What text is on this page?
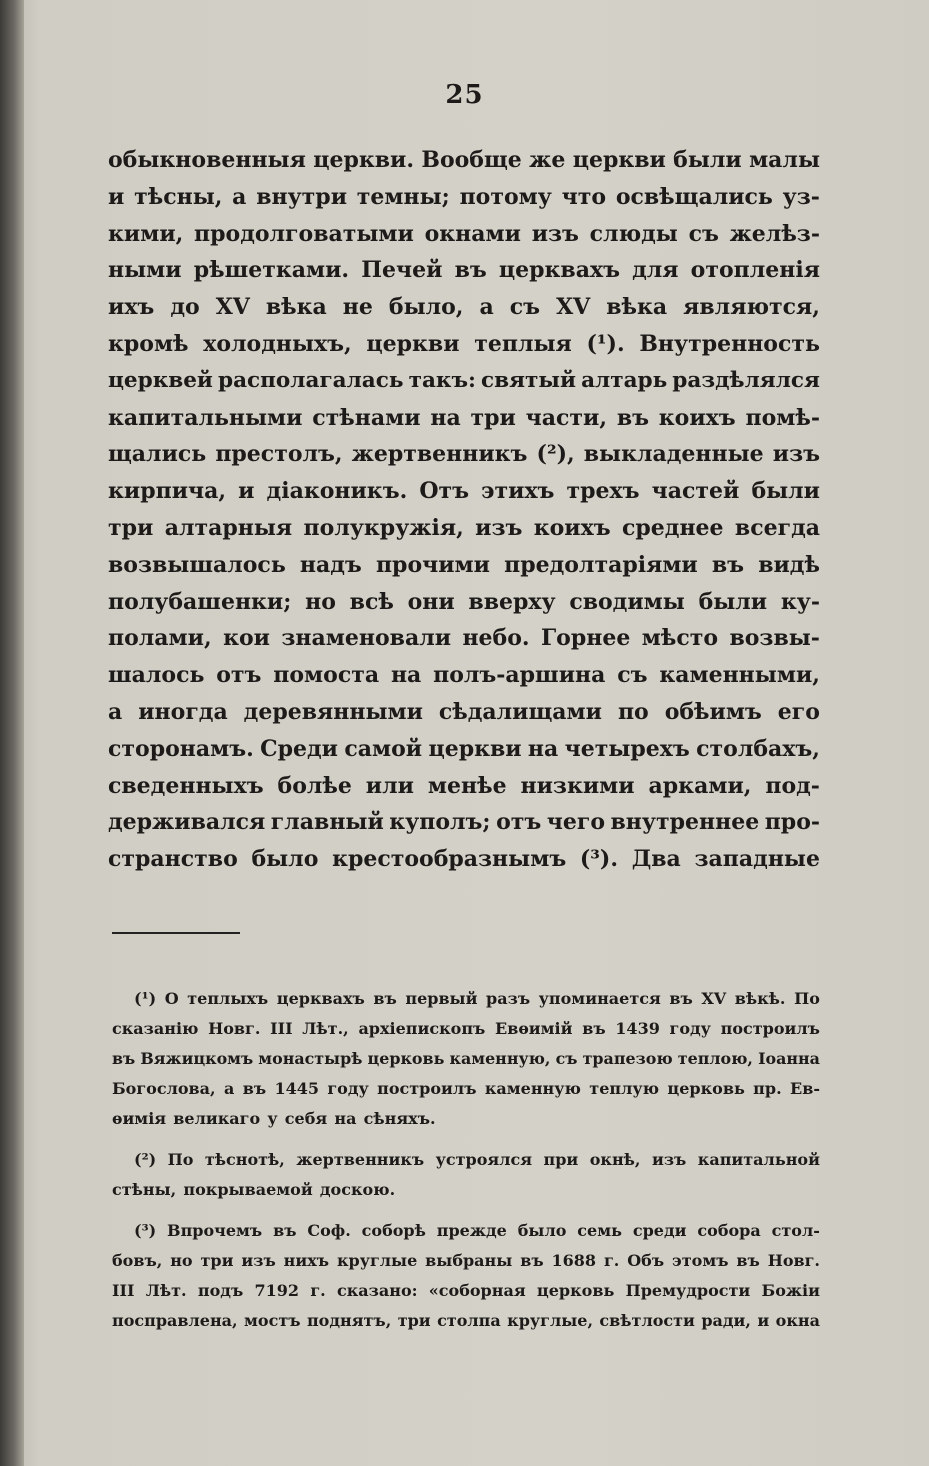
25
обыкновенныя церкви. Вообще же церкви были малы
и тѣсны, а внутри темны; потому что освѣщались уз-
кими, продолговатыми окнами изъ слюды съ желѣз-
ными рѣшетками. Печей въ церквахъ для отопленія
ихъ до XV вѣка не было, а съ XV вѣка являются,
кромѣ холодныхъ, церкви теплыя (¹). Внутренность
церквей располагалась такъ: святый алтарь раздѣлялся
капитальными стѣнами на три части, въ коихъ помѣ-
щались престолъ, жертвенникъ (²), выкладенные изъ
кирпича, и діаконикъ. Отъ этихъ трехъ частей были
три алтарныя полукружія, изъ коихъ среднее всегда
возвышалось надъ прочими предолтаріями въ видѣ
полубашенки; но всѣ они вверху сводимы были ку-
полами, кои знаменовали небо. Горнее мѣсто возвы-
шалось отъ помоста на полъ-аршина съ каменными,
а иногда деревянными сѣдалищами по обѣимъ его
сторонамъ. Среди самой церкви на четырехъ столбахъ,
сведенныхъ болѣе или менѣе низкими арками, под-
держивался главный куполъ; отъ чего внутреннее про-
странство было крестообразнымъ (³). Два западные
(¹) О теплыхъ церквахъ въ первый разъ упоминается въ XV вѣкѣ. По
сказанію Новг. III Лѣт., архіепископъ Евѳимій въ 1439 году построилъ
въ Вяжицкомъ монастырѣ церковь каменную, съ трапезою теплою, Іоанна
Богослова, а въ 1445 году построилъ каменную теплую церковь пр. Ев-
ѳимія великаго у себя на сѣняхъ.
(²) По тѣснотѣ, жертвенникъ устроялся при окнѣ, изъ капитальной
стѣны, покрываемой доскою.
(³) Впрочемъ въ Соф. соборѣ прежде было семь среди собора стол-
бовъ, но три изъ нихъ круглые выбраны въ 1688 г. Объ этомъ въ Новг.
III Лѣт. подъ 7192 г. сказано: «соборная церковь Премудрости Божіи
посправлена, мостъ поднятъ, три столпа круглые, свѣтлости ради, и окна
